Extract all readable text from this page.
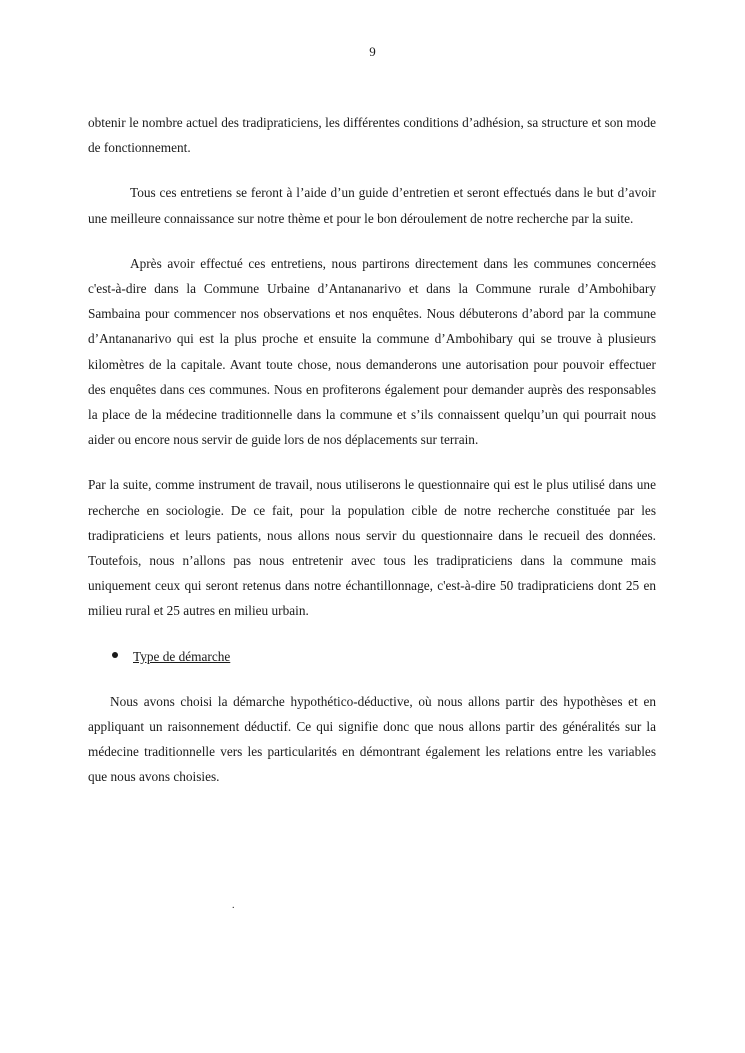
9

obtenir le nombre actuel des tradipraticiens, les différentes conditions d’adhésion, sa structure et son mode de fonctionnement.

Tous ces entretiens se feront à l’aide d’un guide d’entretien et seront effectués dans le but d’avoir une meilleure connaissance sur notre thème et pour le bon déroulement de notre recherche par la suite.

Après avoir effectué ces entretiens, nous partirons directement dans les communes concernées c'est-à-dire dans la Commune Urbaine d’Antananarivo et dans la Commune rurale d’Ambohibary Sambaina pour commencer nos observations et nos enquêtes. Nous débuterons d’abord par la commune d’Antananarivo qui est la plus proche et ensuite la commune d’Ambohibary qui se trouve à plusieurs kilomètres de la capitale. Avant toute chose, nous demanderons une autorisation pour pouvoir effectuer des enquêtes dans ces communes. Nous en profiterons également pour demander auprès des responsables la place de la médecine traditionnelle dans la commune et s’ils connaissent quelqu’un qui pourrait nous aider ou encore nous servir de guide lors de nos déplacements sur terrain.

Par la suite, comme instrument de travail, nous utiliserons le questionnaire qui est le plus utilisé dans une recherche en sociologie. De ce fait, pour la population cible de notre recherche constituée par les tradipraticiens et leurs patients, nous allons nous servir du questionnaire dans le recueil des données. Toutefois, nous n’allons pas nous entretenir avec tous les tradipraticiens dans la commune mais uniquement ceux qui seront retenus dans notre échantillonnage, c'est-à-dire 50 tradipraticiens dont 25 en milieu rural et 25 autres en milieu urbain.

Type de démarche

Nous avons choisi la démarche hypothético-déductive, où nous allons partir des hypothèses et en appliquant un raisonnement déductif. Ce qui signifie donc que nous allons partir des généralités sur la médecine traditionnelle vers les particularités en démontrant également les relations entre les variables que nous avons choisies.

.
